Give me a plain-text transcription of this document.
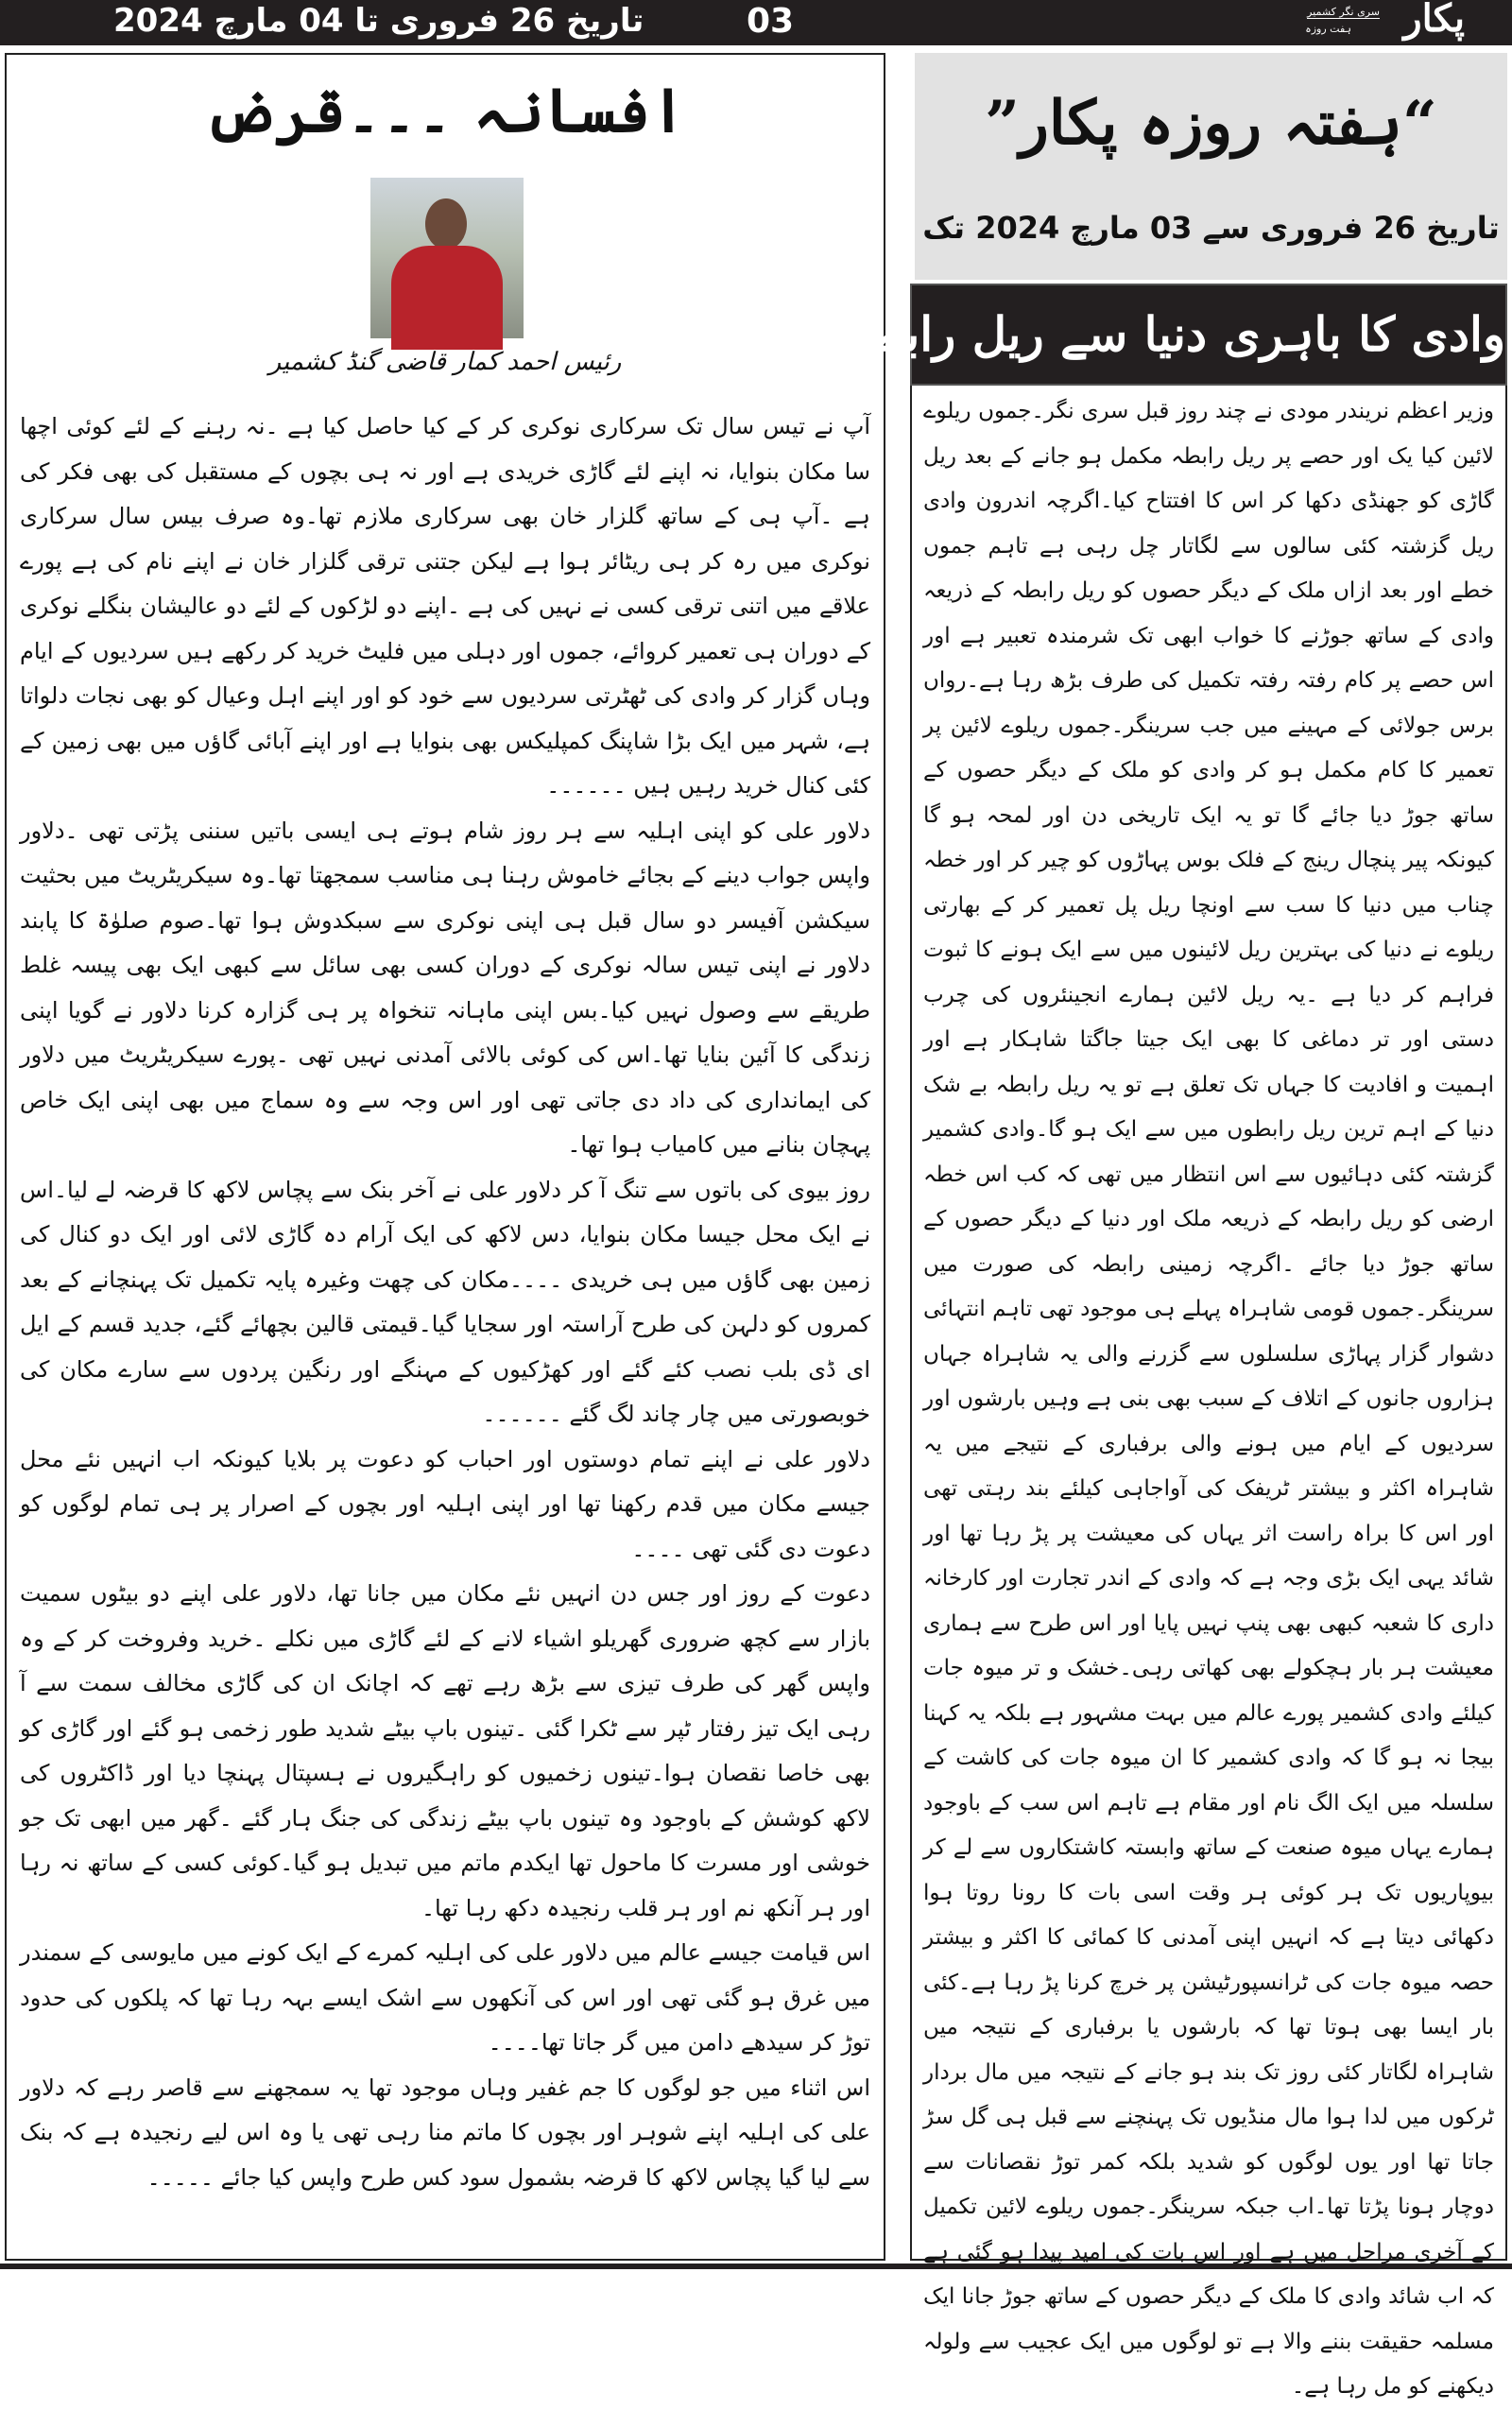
تاریخ 26 فروری تا 04 مارچ 2024	03	پکار
ہفت روزہ
سری نگر کشمیر
افسانہ ۔۔۔قرض
رئیس احمد کمار قاضی گنڈ کشمیر

آپ نے تیس سال تک سرکاری نوکری کر کے کیا حاصل کیا ہے ۔نہ رہنے کے لئے کوئی اچھا سا مکان بنوایا، نہ اپنے لئے گاڑی خریدی ہے اور نہ ہی بچوں کے مستقبل کی بھی فکر کی ہے ۔آپ ہی کے ساتھ گلزار خان بھی سرکاری ملازم تھا۔وہ صرف بیس سال سرکاری نوکری میں رہ کر ہی ریٹائر ہوا ہے لیکن جتنی ترقی گلزار خان نے اپنے نام کی ہے پورے علاقے میں اتنی ترقی کسی نے نہیں کی ہے ۔اپنے دو لڑکوں کے لئے دو عالیشان بنگلے نوکری کے دوران ہی تعمیر کروائے، جموں اور دہلی میں فلیٹ خرید کر رکھے ہیں سردیوں کے ایام وہاں گزار کر وادی کی ٹھٹرتی سردیوں سے خود کو اور اپنے اہل وعیال کو بھی نجات دلواتا ہے، شہر میں ایک بڑا شاپنگ کمپلیکس بھی بنوایا ہے اور اپنے آبائی گاؤں میں بھی زمین کے کئی کنال خرید رہیں ہیں ۔۔۔۔۔۔

دلاور علی کو اپنی اہلیہ سے ہر روز شام ہوتے ہی ایسی باتیں سننی پڑتی تھی ۔دلاور واپس جواب دینے کے بجائے خاموش رہنا ہی مناسب سمجھتا تھا۔وہ سیکریٹریٹ میں بحثیت سیکشن آفیسر دو سال قبل ہی اپنی نوکری سے سبکدوش ہوا تھا۔صوم صلوٰۃ کا پابند دلاور نے اپنی تیس سالہ نوکری کے دوران کسی بھی سائل سے کبھی ایک بھی پیسہ غلط طریقے سے وصول نہیں کیا۔بس اپنی ماہانہ تنخواہ پر ہی گزارہ کرنا دلاور نے گویا اپنی زندگی کا آئین بنایا تھا۔اس کی کوئی بالائی آمدنی نہیں تھی ۔پورے سیکریٹریٹ میں دلاور کی ایمانداری کی داد دی جاتی تھی اور اس وجہ سے وہ سماج میں بھی اپنی ایک خاص پہچان بنانے میں کامیاب ہوا تھا۔

روز بیوی کی باتوں سے تنگ آ کر دلاور علی نے آخر بنک سے پچاس لاکھ کا قرضہ لے لیا۔اس نے ایک محل جیسا مکان بنوایا، دس لاکھ کی ایک آرام دہ گاڑی لائی اور ایک دو کنال کی زمین بھی گاؤں میں ہی خریدی ۔۔۔۔مکان کی چھت وغیرہ پایہ تکمیل تک پہنچانے کے بعد کمروں کو دلہن کی طرح آراستہ اور سجایا گیا۔قیمتی قالین بچھائے گئے، جدید قسم کے ایل ای ڈی بلب نصب کئے گئے اور کھڑکیوں کے مہنگے اور رنگین پردوں سے سارے مکان کی خوبصورتی میں چار چاند لگ گئے ۔۔۔۔۔۔

دلاور علی نے اپنے تمام دوستوں اور احباب کو دعوت پر بلایا کیونکہ اب انہیں نئے محل جیسے مکان میں قدم رکھنا تھا اور اپنی اہلیہ اور بچوں کے اصرار پر ہی تمام لوگوں کو دعوت دی گئی تھی ۔۔۔۔

دعوت کے روز اور جس دن انہیں نئے مکان میں جانا تھا، دلاور علی اپنے دو بیٹوں سمیت بازار سے کچھ ضروری گھریلو اشیاء لانے کے لئے گاڑی میں نکلے ۔خرید وفروخت کر کے وہ واپس گھر کی طرف تیزی سے بڑھ رہے تھے کہ اچانک ان کی گاڑی مخالف سمت سے آ رہی ایک تیز رفتار ٹپر سے ٹکرا گئی ۔تینوں باپ بیٹے شدید طور زخمی ہو گئے اور گاڑی کو بھی خاصا نقصان ہوا۔تینوں زخمیوں کو راہگیروں نے ہسپتال پہنچا دیا اور ڈاکٹروں کی لاکھ کوشش کے باوجود وہ تینوں باپ بیٹے زندگی کی جنگ ہار گئے ۔گھر میں ابھی تک جو خوشی اور مسرت کا ماحول تھا ایکدم ماتم میں تبدیل ہو گیا۔کوئی کسی کے ساتھ نہ رہا اور ہر آنکھ نم اور ہر قلب رنجیدہ دکھ رہا تھا۔

اس قیامت جیسے عالم میں دلاور علی کی اہلیہ کمرے کے ایک کونے میں مایوسی کے سمندر میں غرق ہو گئی تھی اور اس کی آنکھوں سے اشک ایسے بہہ رہا تھا کہ پلکوں کی حدود توڑ کر سیدھے دامن میں گر جاتا تھا۔۔۔۔

اس اثناء میں جو لوگوں کا جم غفیر وہاں موجود تھا یہ سمجھنے سے قاصر رہے کہ دلاور علی کی اہلیہ اپنے شوہر اور بچوں کا ماتم منا رہی تھی یا وہ اس لیے رنجیدہ ہے کہ بنک سے لیا گیا پچاس لاکھ کا قرضہ بشمول سود کس طرح واپس کیا جائے ۔۔۔۔۔

“ہفتہ روزہ پکار”
تاریخ 26 فروری سے 03 مارچ 2024 تک
وادی کا باہری دنیا سے ریل رابطہ
وزیر اعظم نریندر مودی نے چند روز قبل سری نگر۔جموں ریلوے لائین کیا یک اور حصے پر ریل رابطہ مکمل ہو جانے کے بعد ریل گاڑی کو جھنڈی دکھا کر اس کا افتتاح کیا۔اگرچہ اندرون وادی ریل گزشتہ کئی سالوں سے لگاتار چل رہی ہے تاہم جموں خطے اور بعد ازاں ملک کے دیگر حصوں کو ریل رابطہ کے ذریعہ وادی کے ساتھ جوڑنے کا خواب ابھی تک شرمندہ تعبیر ہے اور اس حصے پر کام رفتہ رفتہ تکمیل کی طرف بڑھ رہا ہے۔رواں برس جولائی کے مہینے میں جب سرینگر۔جموں ریلوے لائین پر تعمیر کا کام مکمل ہو کر وادی کو ملک کے دیگر حصوں کے ساتھ جوڑ دیا جائے گا تو یہ ایک تاریخی دن اور لمحہ ہو گا کیونکہ پیر پنچال رینج کے فلک بوس پہاڑوں کو چیر کر اور خطہ چناب میں دنیا کا سب سے اونچا ریل پل تعمیر کر کے بھارتی ریلوے نے دنیا کی بہترین ریل لائینوں میں سے ایک ہونے کا ثبوت فراہم کر دیا ہے ۔یہ ریل لائین ہمارے انجینئروں کی چرب دستی اور تر دماغی کا بھی ایک جیتا جاگتا شاہکار ہے اور اہمیت و افادیت کا جہاں تک تعلق ہے تو یہ ریل رابطہ بے شک دنیا کے اہم ترین ریل رابطوں میں سے ایک ہو گا۔وادی کشمیر گزشتہ کئی دہائیوں سے اس انتظار میں تھی کہ کب اس خطہ ارضی کو ریل رابطہ کے ذریعہ ملک اور دنیا کے دیگر حصوں کے ساتھ جوڑ دیا جائے ۔اگرچہ زمینی رابطہ کی صورت میں سرینگر۔جموں قومی شاہراہ پہلے ہی موجود تھی تاہم انتہائی دشوار گزار پہاڑی سلسلوں سے گزرنے والی یہ شاہراہ جہاں ہزاروں جانوں کے اتلاف کے سبب بھی بنی ہے وہیں بارشوں اور سردیوں کے ایام میں ہونے والی برفباری کے نتیجے میں یہ شاہراہ اکثر و بیشتر ٹریفک کی آواجاہی کیلئے بند رہتی تھی اور اس کا براہ راست اثر یہاں کی معیشت پر پڑ رہا تھا اور شائد یہی ایک بڑی وجہ ہے کہ وادی کے اندر تجارت اور کارخانہ داری کا شعبہ کبھی بھی پنپ نہیں پایا اور اس طرح سے ہماری معیشت ہر بار ہچکولے بھی کھاتی رہی۔خشک و تر میوہ جات کیلئے وادی کشمیر پورے عالم میں بہت مشہور ہے بلکہ یہ کہنا بیجا نہ ہو گا کہ وادی کشمیر کا ان میوہ جات کی کاشت کے سلسلہ میں ایک الگ نام اور مقام ہے تاہم اس سب کے باوجود ہمارے یہاں میوہ صنعت کے ساتھ وابستہ کاشتکاروں سے لے کر بیوپاریوں تک ہر کوئی ہر وقت اسی بات کا رونا روتا ہوا دکھائی دیتا ہے کہ انہیں اپنی آمدنی کا کمائی کا اکثر و بیشتر حصہ میوہ جات کی ٹرانسپورٹیشن پر خرچ کرنا پڑ رہا ہے۔کئی بار ایسا بھی ہوتا تھا کہ بارشوں یا برفباری کے نتیجہ میں شاہراہ لگاتار کئی روز تک بند ہو جانے کے نتیجہ میں مال بردار ٹرکوں میں لدا ہوا مال منڈیوں تک پہنچنے سے قبل ہی گل سڑ جاتا تھا اور یوں لوگوں کو شدید بلکہ کمر توڑ نقصانات سے دوچار ہونا پڑتا تھا۔اب جبکہ سرینگر۔جموں ریلوے لائین تکمیل کے آخری مراحل میں ہے اور اس بات کی امید پیدا ہو گئی ہے کہ اب شائد وادی کا ملک کے دیگر حصوں کے ساتھ جوڑ جانا ایک مسلمہ حقیقت بننے والا ہے تو لوگوں میں ایک عجیب سے ولولہ دیکھنے کو مل رہا ہے۔
